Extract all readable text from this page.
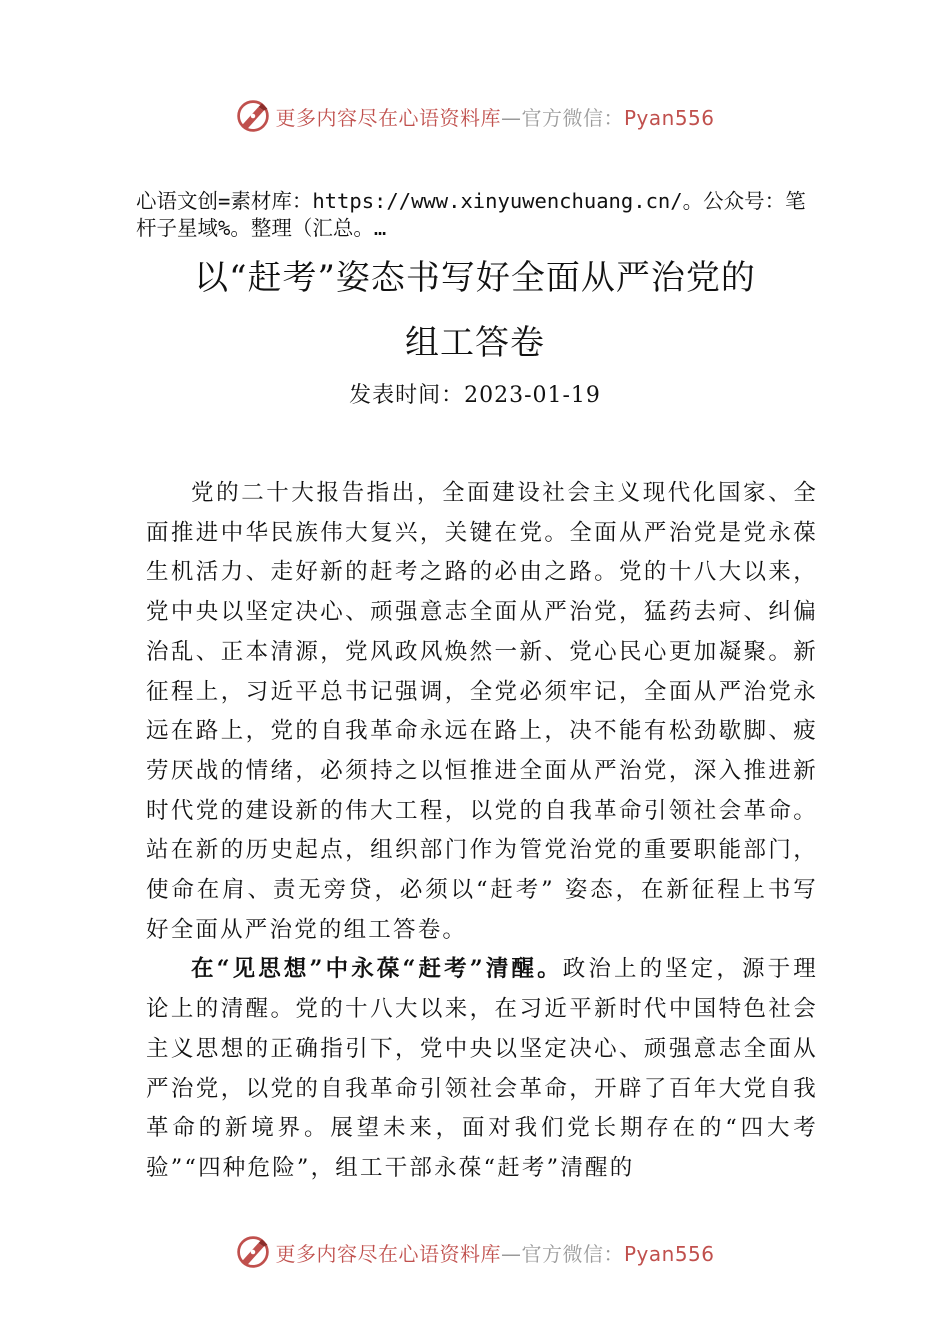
更多内容尽在心语资料库—官方微信：Pyan556
心语文创=素材库：https://www.xinyuwenchuang.cn/。公众号：笔杆子星域%。整理（汇总。…
以“赶考”姿态书写好全面从严治党的
组工答卷
发表时间：2023-01-19

党的二十大报告指出，全面建设社会主义现代化国家、全面推进中华民族伟大复兴，关键在党。全面从严治党是党永葆生机活力、走好新的赶考之路的必由之路。党的十八大以来，党中央以坚定决心、顽强意志全面从严治党，猛药去疴、纠偏治乱、正本清源，党风政风焕然一新、党心民心更加凝聚。新征程上，习近平总书记强调，全党必须牢记，全面从严治党永远在路上，党的自我革命永远在路上，决不能有松劲歇脚、疲劳厌战的情绪，必须持之以恒推进全面从严治党，深入推进新时代党的建设新的伟大工程，以党的自我革命引领社会革命。站在新的历史起点，组织部门作为管党治党的重要职能部门，使命在肩、责无旁贷，必须以“赶考” 姿态，在新征程上书写好全面从严治党的组工答卷。

在“见思想”中永葆“赶考”清醒。政治上的坚定，源于理论上的清醒。党的十八大以来，在习近平新时代中国特色社会主义思想的正确指引下，党中央以坚定决心、顽强意志全面从严治党，以党的自我革命引领社会革命，开辟了百年大党自我革命的新境界。展望未来，面对我们党长期存在的“四大考验”“四种危险”，组工干部永葆“赶考”清醒的

更多内容尽在心语资料库—官方微信：Pyan556
